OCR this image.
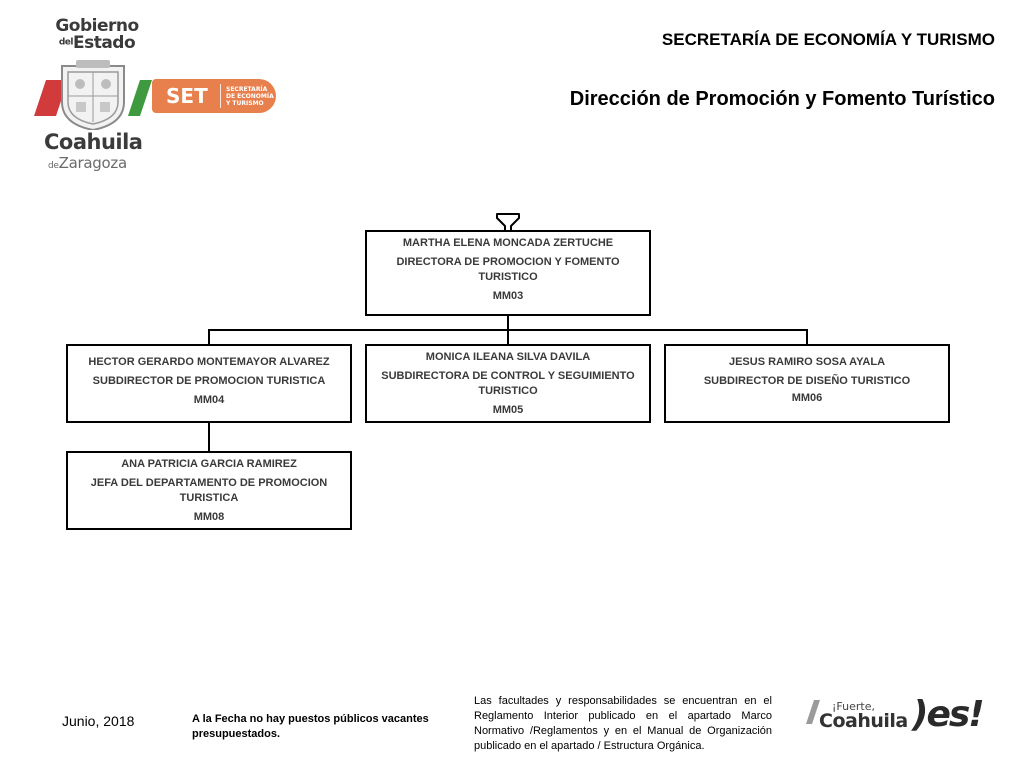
Gobierno
delEstado
Coahuila
deZaragoza
SET	SECRETARÍA
DE ECONOMÍA
Y TURISMO
SECRETARÍA DE ECONOMÍA Y TURISMO
Dirección de Promoción y Fomento Turístico
MARTHA ELENA MONCADA ZERTUCHE
DIRECTORA DE PROMOCION Y FOMENTO TURISTICO
MM03
HECTOR GERARDO MONTEMAYOR ALVAREZ
SUBDIRECTOR DE PROMOCION TURISTICA
MM04
MONICA ILEANA SILVA DAVILA
SUBDIRECTORA DE CONTROL Y SEGUIMIENTO TURISTICO
MM05
JESUS RAMIRO SOSA AYALA
SUBDIRECTOR DE DISEÑO TURISTICO
MM06
ANA PATRICIA GARCIA RAMIREZ
JEFA DEL DEPARTAMENTO DE PROMOCION TURISTICA
MM08
Junio, 2018	A la Fecha no hay puestos públicos vacantes presupuestados.
Las facultades y responsabilidades se encuentran en el Reglamento Interior publicado en el apartado Marco Normativo /Reglamentos y en el Manual de Organización publicado en el apartado / Estructura Orgánica.
¡Fuerte,
Coahuila )es!
